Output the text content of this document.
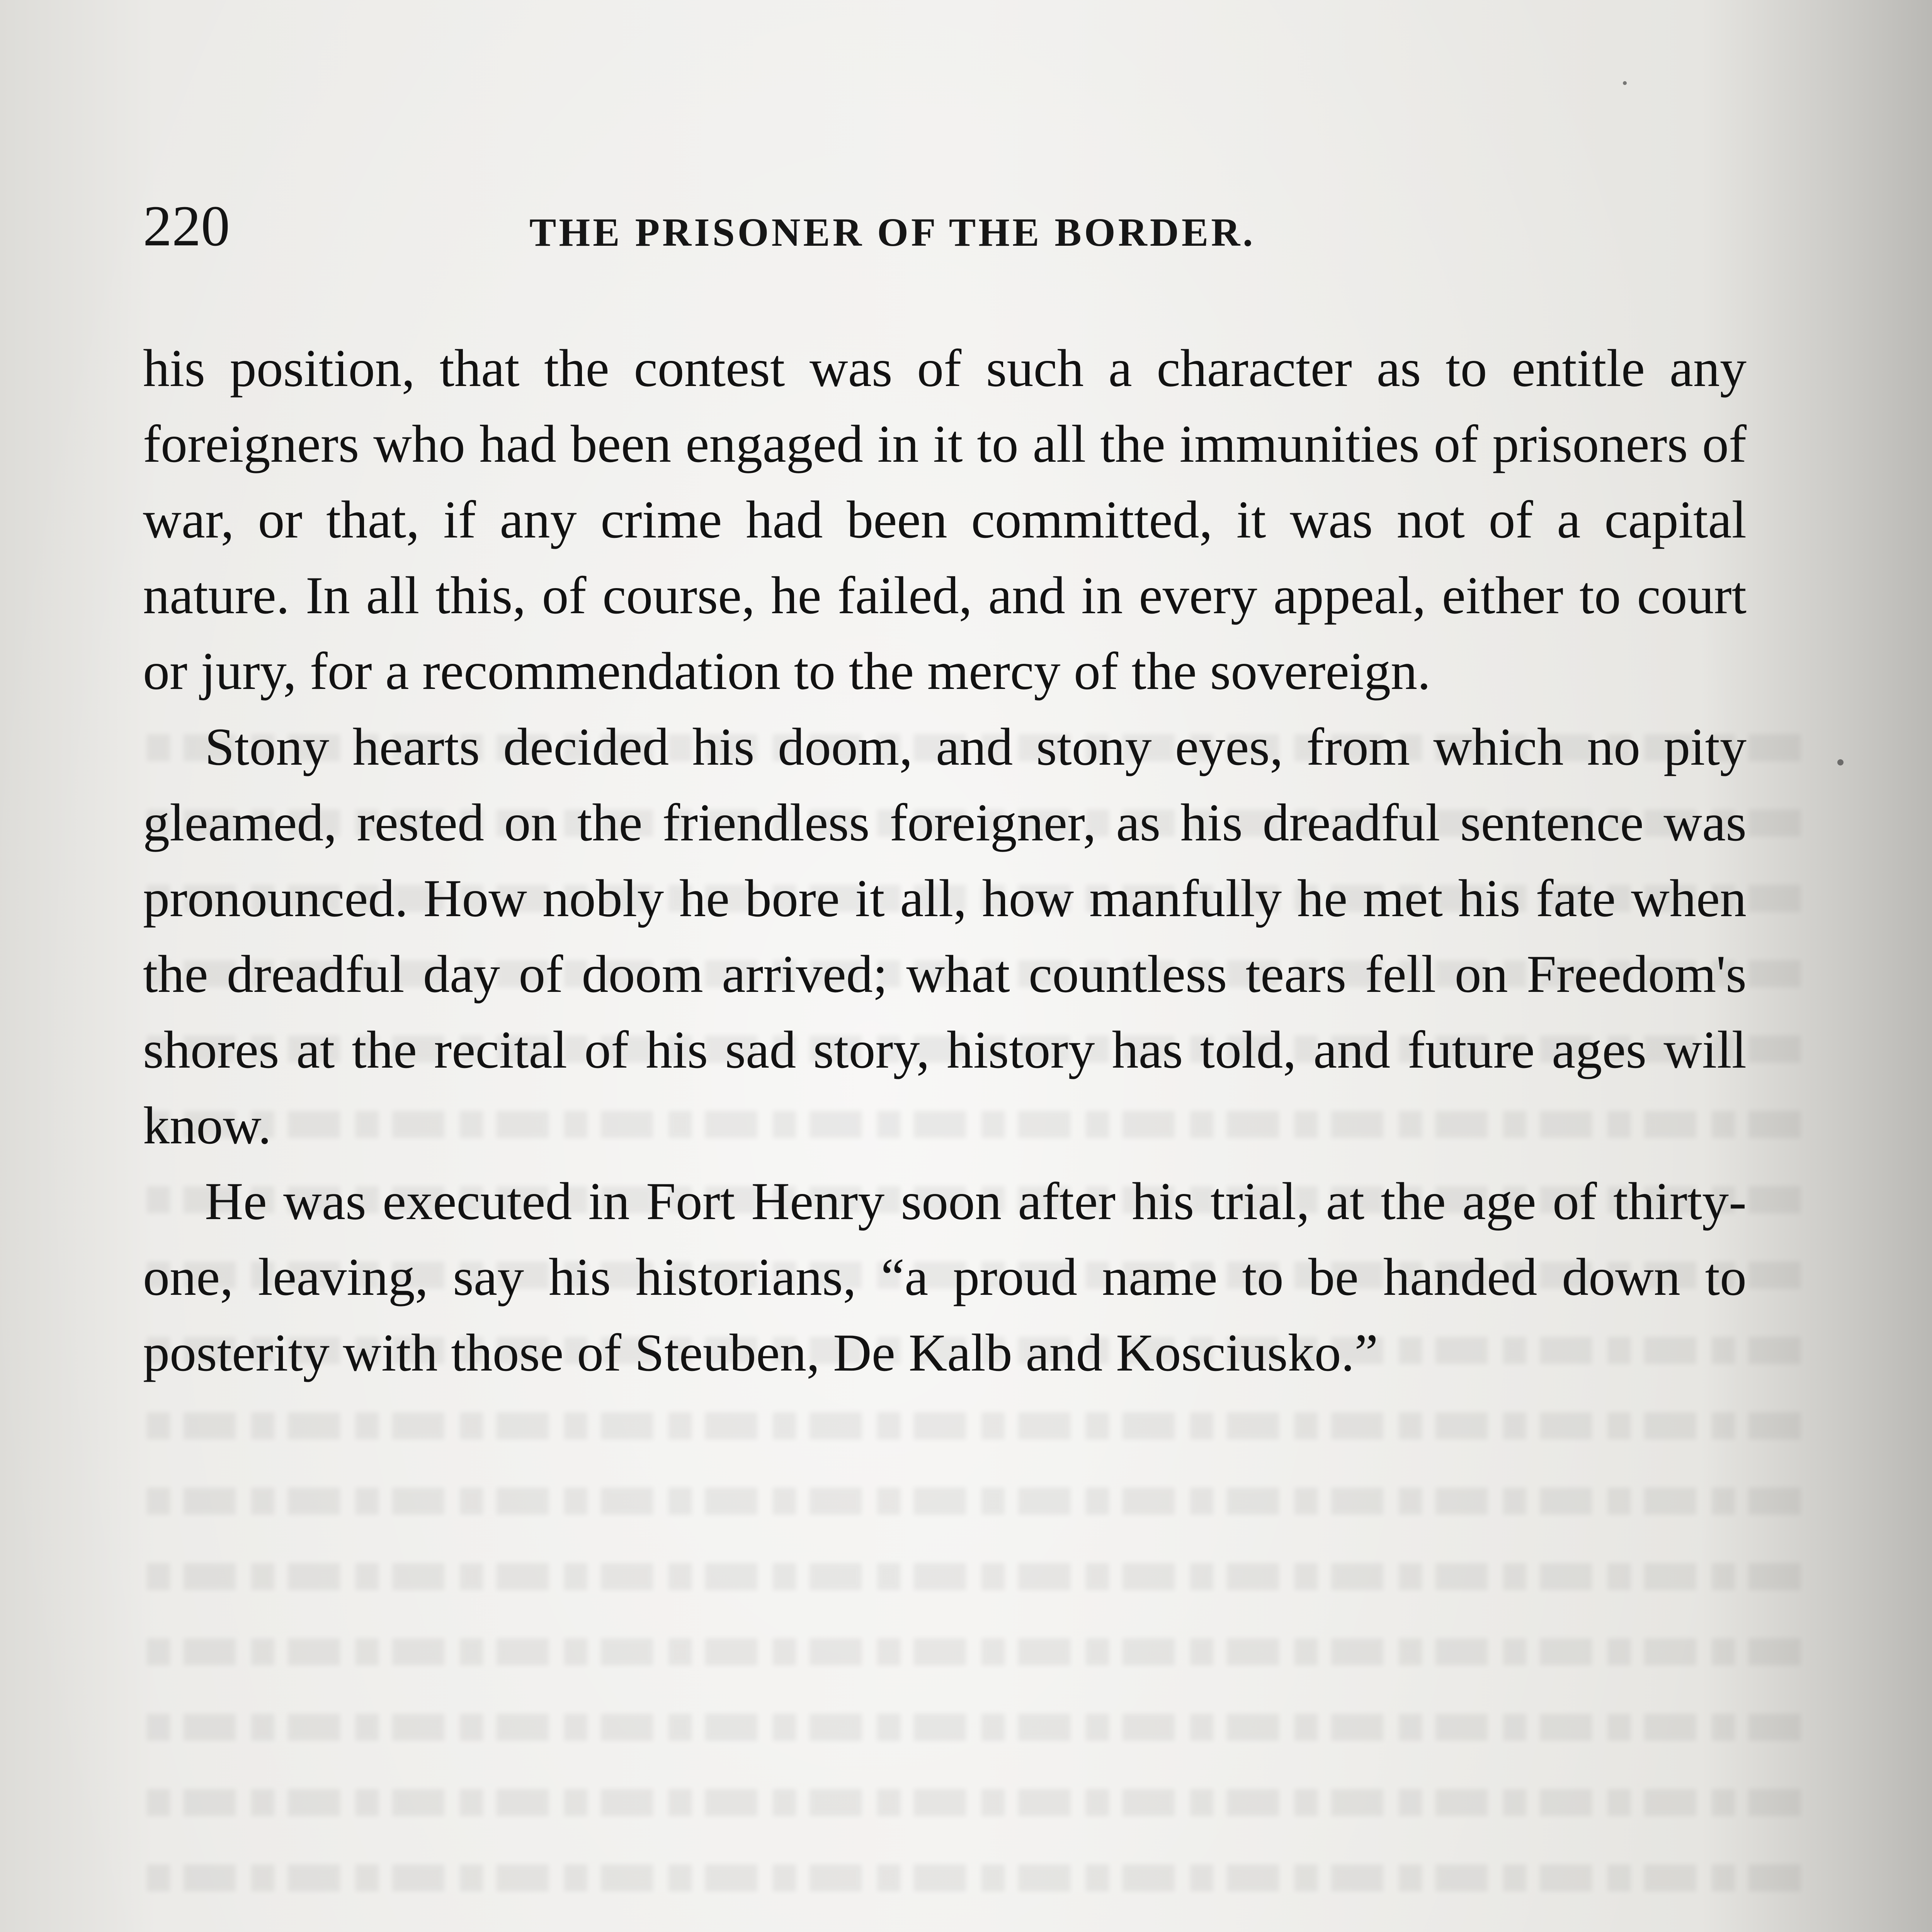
220	THE PRISONER OF THE BORDER.

his position, that the contest was of such a character as to entitle any foreigners who had been engaged in it to all the immunities of prisoners of war, or that, if any crime had been committed, it was not of a capital nature. In all this, of course, he failed, and in every appeal, either to court or jury, for a recommendation to the mercy of the sovereign.

Stony hearts decided his doom, and stony eyes, from which no pity gleamed, rested on the friendless foreigner, as his dreadful sentence was pronounced. How nobly he bore it all, how manfully he met his fate when the dreadful day of doom arrived; what countless tears fell on Freedom's shores at the recital of his sad story, history has told, and future ages will know.

He was executed in Fort Henry soon after his trial, at the age of thirty-one, leaving, say his historians, “a proud name to be handed down to posterity with those of Steuben, De Kalb and Kosciusko.”
